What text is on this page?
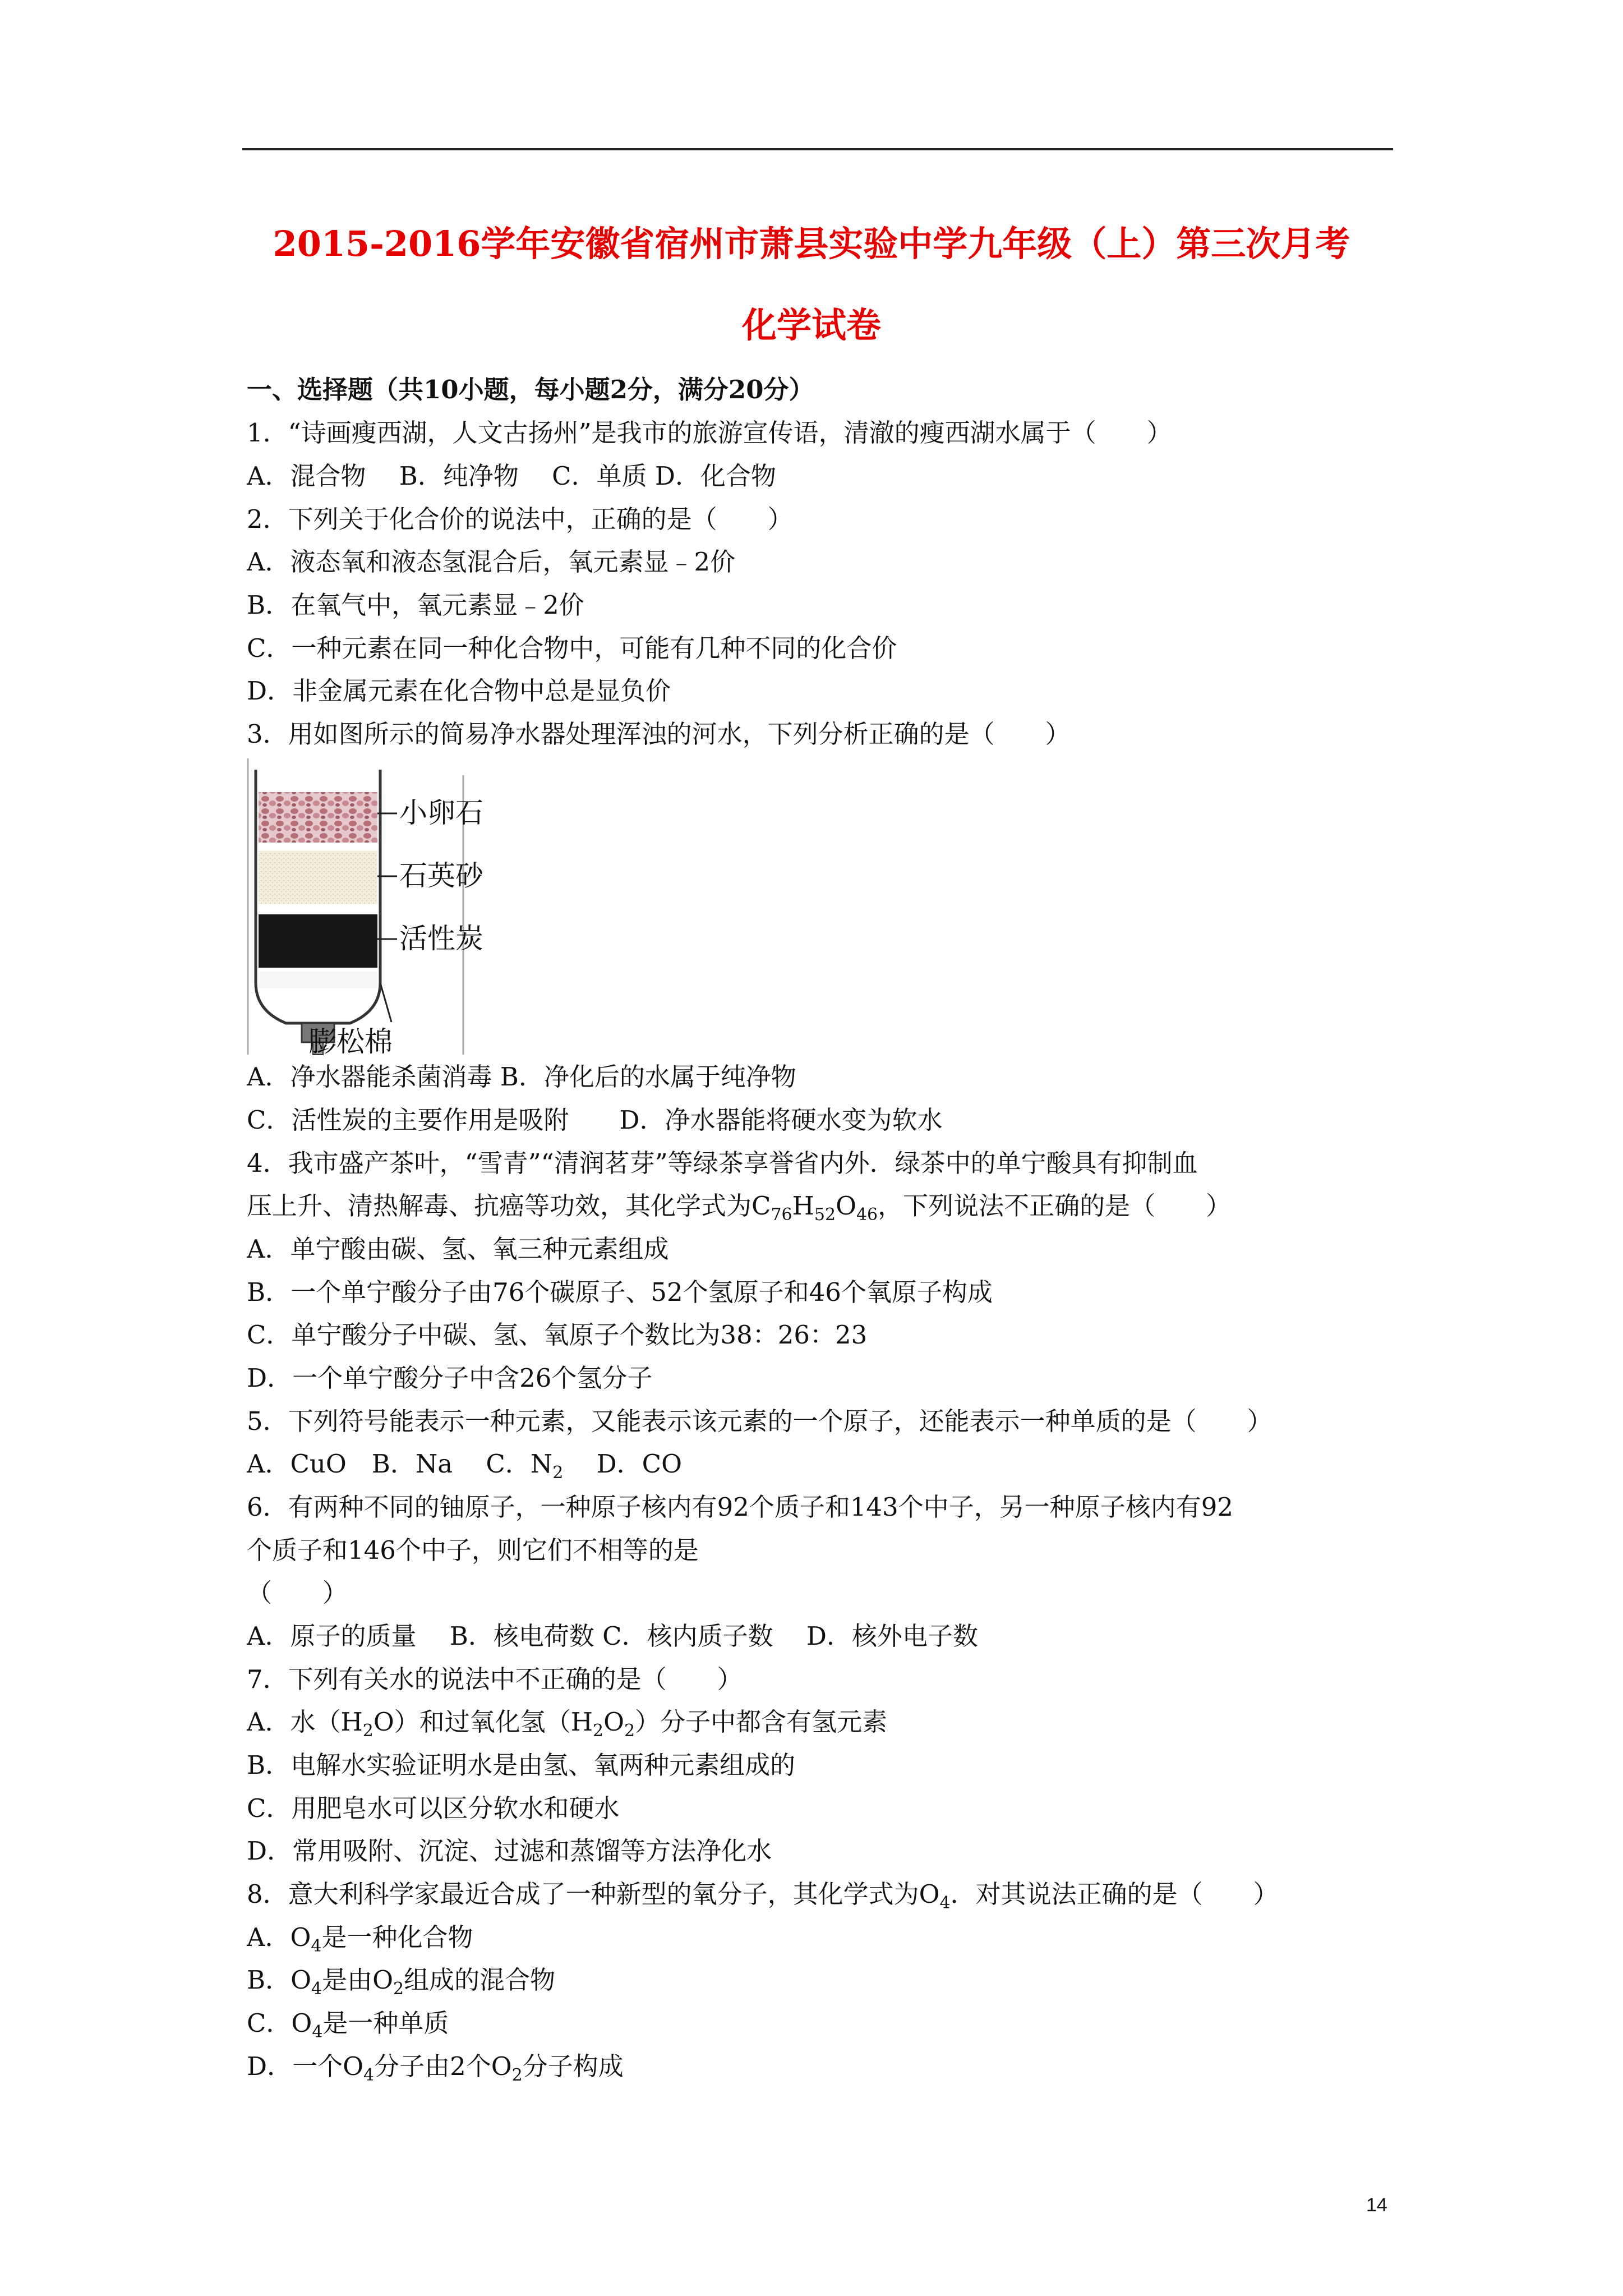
2015-2016学年安徽省宿州市萧县实验中学九年级（上）第三次月考
化学试卷
一、选择题（共10小题，每小题2分，满分20分）
1．“诗画瘦西湖，人文古扬州”是我市的旅游宣传语，清澈的瘦西湖水属于（　　）
A．混合物　 B．纯净物　 C．单质 D．化合物
2．下列关于化合价的说法中，正确的是（　　）
A．液态氧和液态氢混合后，氧元素显﹣2价
B．在氧气中，氧元素显﹣2价
C．一种元素在同一种化合物中，可能有几种不同的化合价
D．非金属元素在化合物中总是显负价
3．用如图所示的简易净水器处理浑浊的河水，下列分析正确的是（　　）
小卵石
石英砂
活性炭
膨松棉
A．净水器能杀菌消毒 B．净化后的水属于纯净物
C．活性炭的主要作用是吸附　　D．净水器能将硬水变为软水
4．我市盛产茶叶，“雪青”“清润茗芽”等绿茶享誉省内外．绿茶中的单宁酸具有抑制血
压上升、清热解毒、抗癌等功效，其化学式为$C_{76}H_{52}O_{46}$，下列说法不正确的是（　　）
A．单宁酸由碳、氢、氧三种元素组成
B．一个单宁酸分子由76个碳原子、52个氢原子和46个氧原子构成
C．单宁酸分子中碳、氢、氧原子个数比为38：26：23
D．一个单宁酸分子中含26个氢分子
5．下列符号能表示一种元素，又能表示该元素的一个原子，还能表示一种单质的是（　　）
A．CuO　B．Na　 C．$N_2$　 D．CO
6．有两种不同的铀原子，一种原子核内有92个质子和143个中子，另一种原子核内有92
个质子和146个中子，则它们不相等的是
（　　）
A．原子的质量　 B．核电荷数 C．核内质子数　 D．核外电子数
7．下列有关水的说法中不正确的是（　　）
A．水$(H_2O)$和过氧化氢$(H_2O_2)$分子中都含有氢元素
B．电解水实验证明水是由氢、氧两种元素组成的
C．用肥皂水可以区分软水和硬水
D．常用吸附、沉淀、过滤和蒸馏等方法净化水
8．意大利科学家最近合成了一种新型的氧分子，其化学式为$O_4$．对其说法正确的是（　　）
A．$O_4$是一种化合物
B．$O_4$是由$O_2$组成的混合物
C．$O_4$是一种单质
D．一个$O_4$分子由2个$O_2$分子构成
14
